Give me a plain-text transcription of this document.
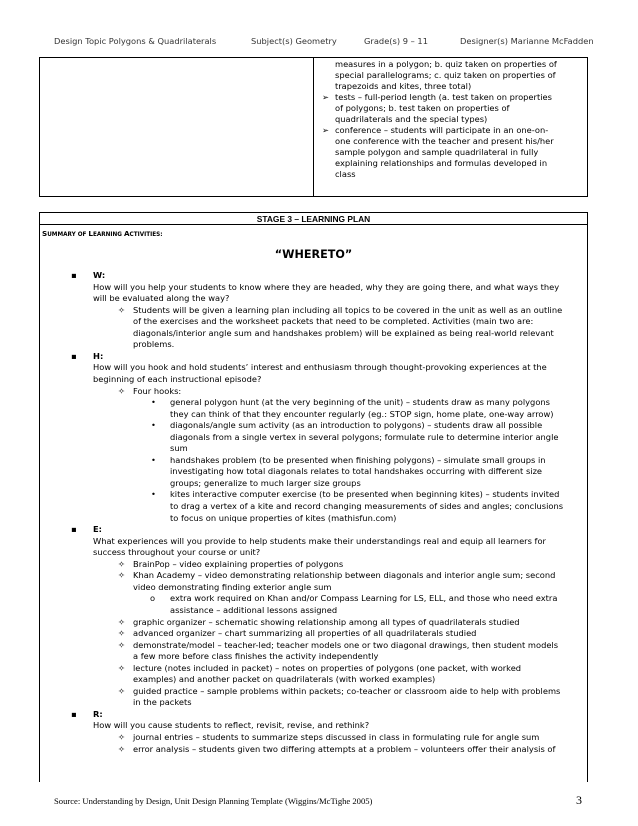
Design Topic Polygons & Quadrilaterals	Subject(s) Geometry	Grade(s) 9 – 11	Designer(s) Marianne McFadden
measures in a polygon; b. quiz taken on properties of
special parallelograms; c. quiz taken on properties of
trapezoids and kites, three total)
➢ tests – full-period length (a. test taken on properties
of polygons; b. test taken on properties of
quadrilaterals and the special types)
➢ conference – students will participate in an one-on-
one conference with the teacher and present his/her
sample polygon and sample quadrilateral in fully
explaining relationships and formulas developed in
class
STAGE 3 – LEARNING PLAN
SUMMARY OF LEARNING ACTIVITIES:
“WHERETO”
▪ W:
How will you help your students to know where they are headed, why they are going there, and what ways they
will be evaluated along the way?
✧ Students will be given a learning plan including all topics to be covered in the unit as well as an outline
of the exercises and the worksheet packets that need to be completed. Activities (main two are:
diagonals/interior angle sum and handshakes problem) will be explained as being real-world relevant
problems.
▪ H:
How will you hook and hold students’ interest and enthusiasm through thought-provoking experiences at the
beginning of each instructional episode?
✧ Four hooks:
• general polygon hunt (at the very beginning of the unit) – students draw as many polygons
they can think of that they encounter regularly (eg.: STOP sign, home plate, one-way arrow)
• diagonals/angle sum activity (as an introduction to polygons) – students draw all possible
diagonals from a single vertex in several polygons; formulate rule to determine interior angle
sum
• handshakes problem (to be presented when finishing polygons) – simulate small groups in
investigating how total diagonals relates to total handshakes occurring with different size
groups; generalize to much larger size groups
• kites interactive computer exercise (to be presented when beginning kites) – students invited
to drag a vertex of a kite and record changing measurements of sides and angles; conclusions
to focus on unique properties of kites (mathisfun.com)
▪ E:
What experiences will you provide to help students make their understandings real and equip all learners for
success throughout your course or unit?
✧ BrainPop – video explaining properties of polygons
✧ Khan Academy – video demonstrating relationship between diagonals and interior angle sum; second
video demonstrating finding exterior angle sum
o extra work required on Khan and/or Compass Learning for LS, ELL, and those who need extra
assistance – additional lessons assigned
✧ graphic organizer – schematic showing relationship among all types of quadrilaterals studied
✧ advanced organizer – chart summarizing all properties of all quadrilaterals studied
✧ demonstrate/model – teacher-led; teacher models one or two diagonal drawings, then student models
a few more before class finishes the activity independently
✧ lecture (notes included in packet) – notes on properties of polygons (one packet, with worked
examples) and another packet on quadrilaterals (with worked examples)
✧ guided practice – sample problems within packets; co-teacher or classroom aide to help with problems
in the packets
▪ R:
How will you cause students to reflect, revisit, revise, and rethink?
✧ journal entries – students to summarize steps discussed in class in formulating rule for angle sum
✧ error analysis – students given two differing attempts at a problem – volunteers offer their analysis of
Source: Understanding by Design, Unit Design Planning Template (Wiggins/McTighe 2005)	3
